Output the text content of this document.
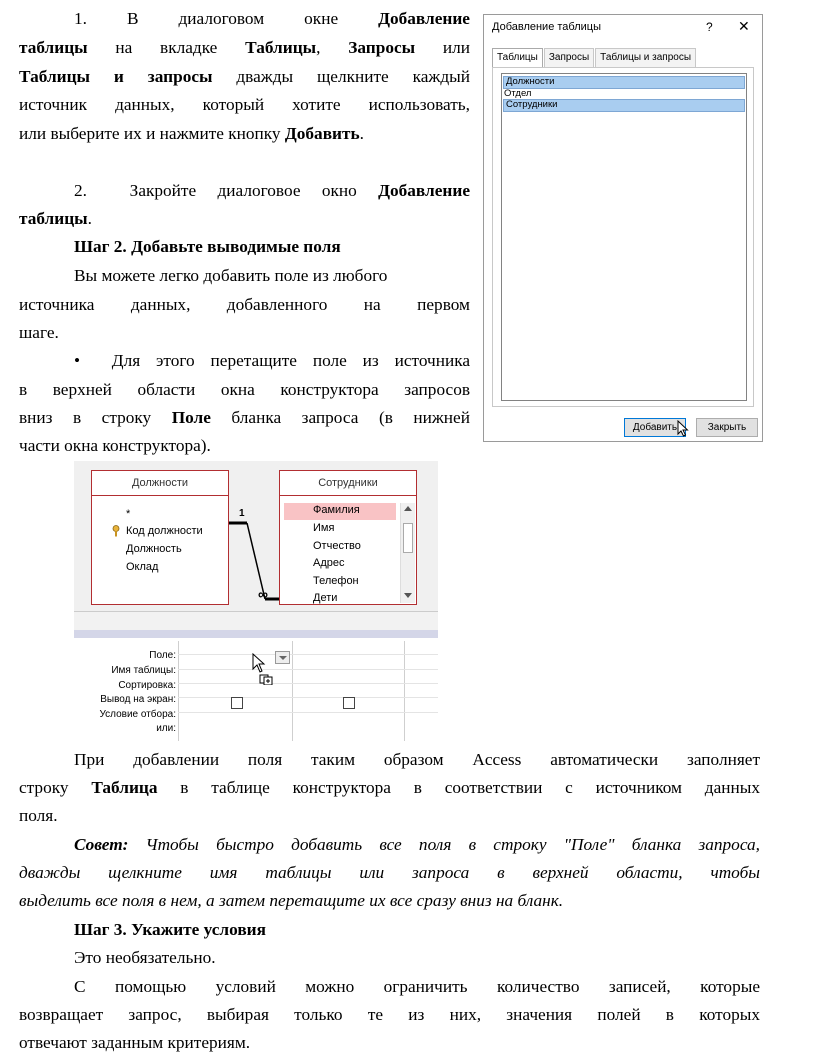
1. В диалоговом окне Добавление
таблицы на вкладке Таблицы, Запросы или
Таблицы и запросы дважды щелкните каждый
источник данных, который хотите использовать,
или выберите их и нажмите кнопку Добавить.
2. Закройте диалоговое окно Добавление
таблицы.
Шаг 2. Добавьте выводимые поля
Вы можете легко добавить поле из любого
источника данных, добавленного на первом
шаге.
• Для этого перетащите поле из источника
в верхней области окна конструктора запросов
вниз в строку Поле бланка запроса (в нижней
части окна конструктора).
Добавление таблицы	? ✕
Таблицы	Запросы	Таблицы и запросы
Должности
Отдел
Сотрудники
Добавить	Закрыть
Должности
*
Код должности
Должность
Оклад
1
∞
Сотрудники
Фамилия
Имя
Отчество
Адрес
Телефон
Дети
Поле:
Имя таблицы:
Сортировка:
Вывод на экран:
Условие отбора:
или:
При добавлении поля таким образом Access автоматически заполняет
строку Таблица в таблице конструктора в соответствии с источником данных
поля.
Совет: Чтобы быстро добавить все поля в строку "Поле" бланка запроса,
дважды щелкните имя таблицы или запроса в верхней области, чтобы
выделить все поля в нем, а затем перетащите их все сразу вниз на бланк.
Шаг 3. Укажите условия
Это необязательно.
С помощью условий можно ограничить количество записей, которые
возвращает запрос, выбирая только те из них, значения полей в которых
отвечают заданным критериям.
